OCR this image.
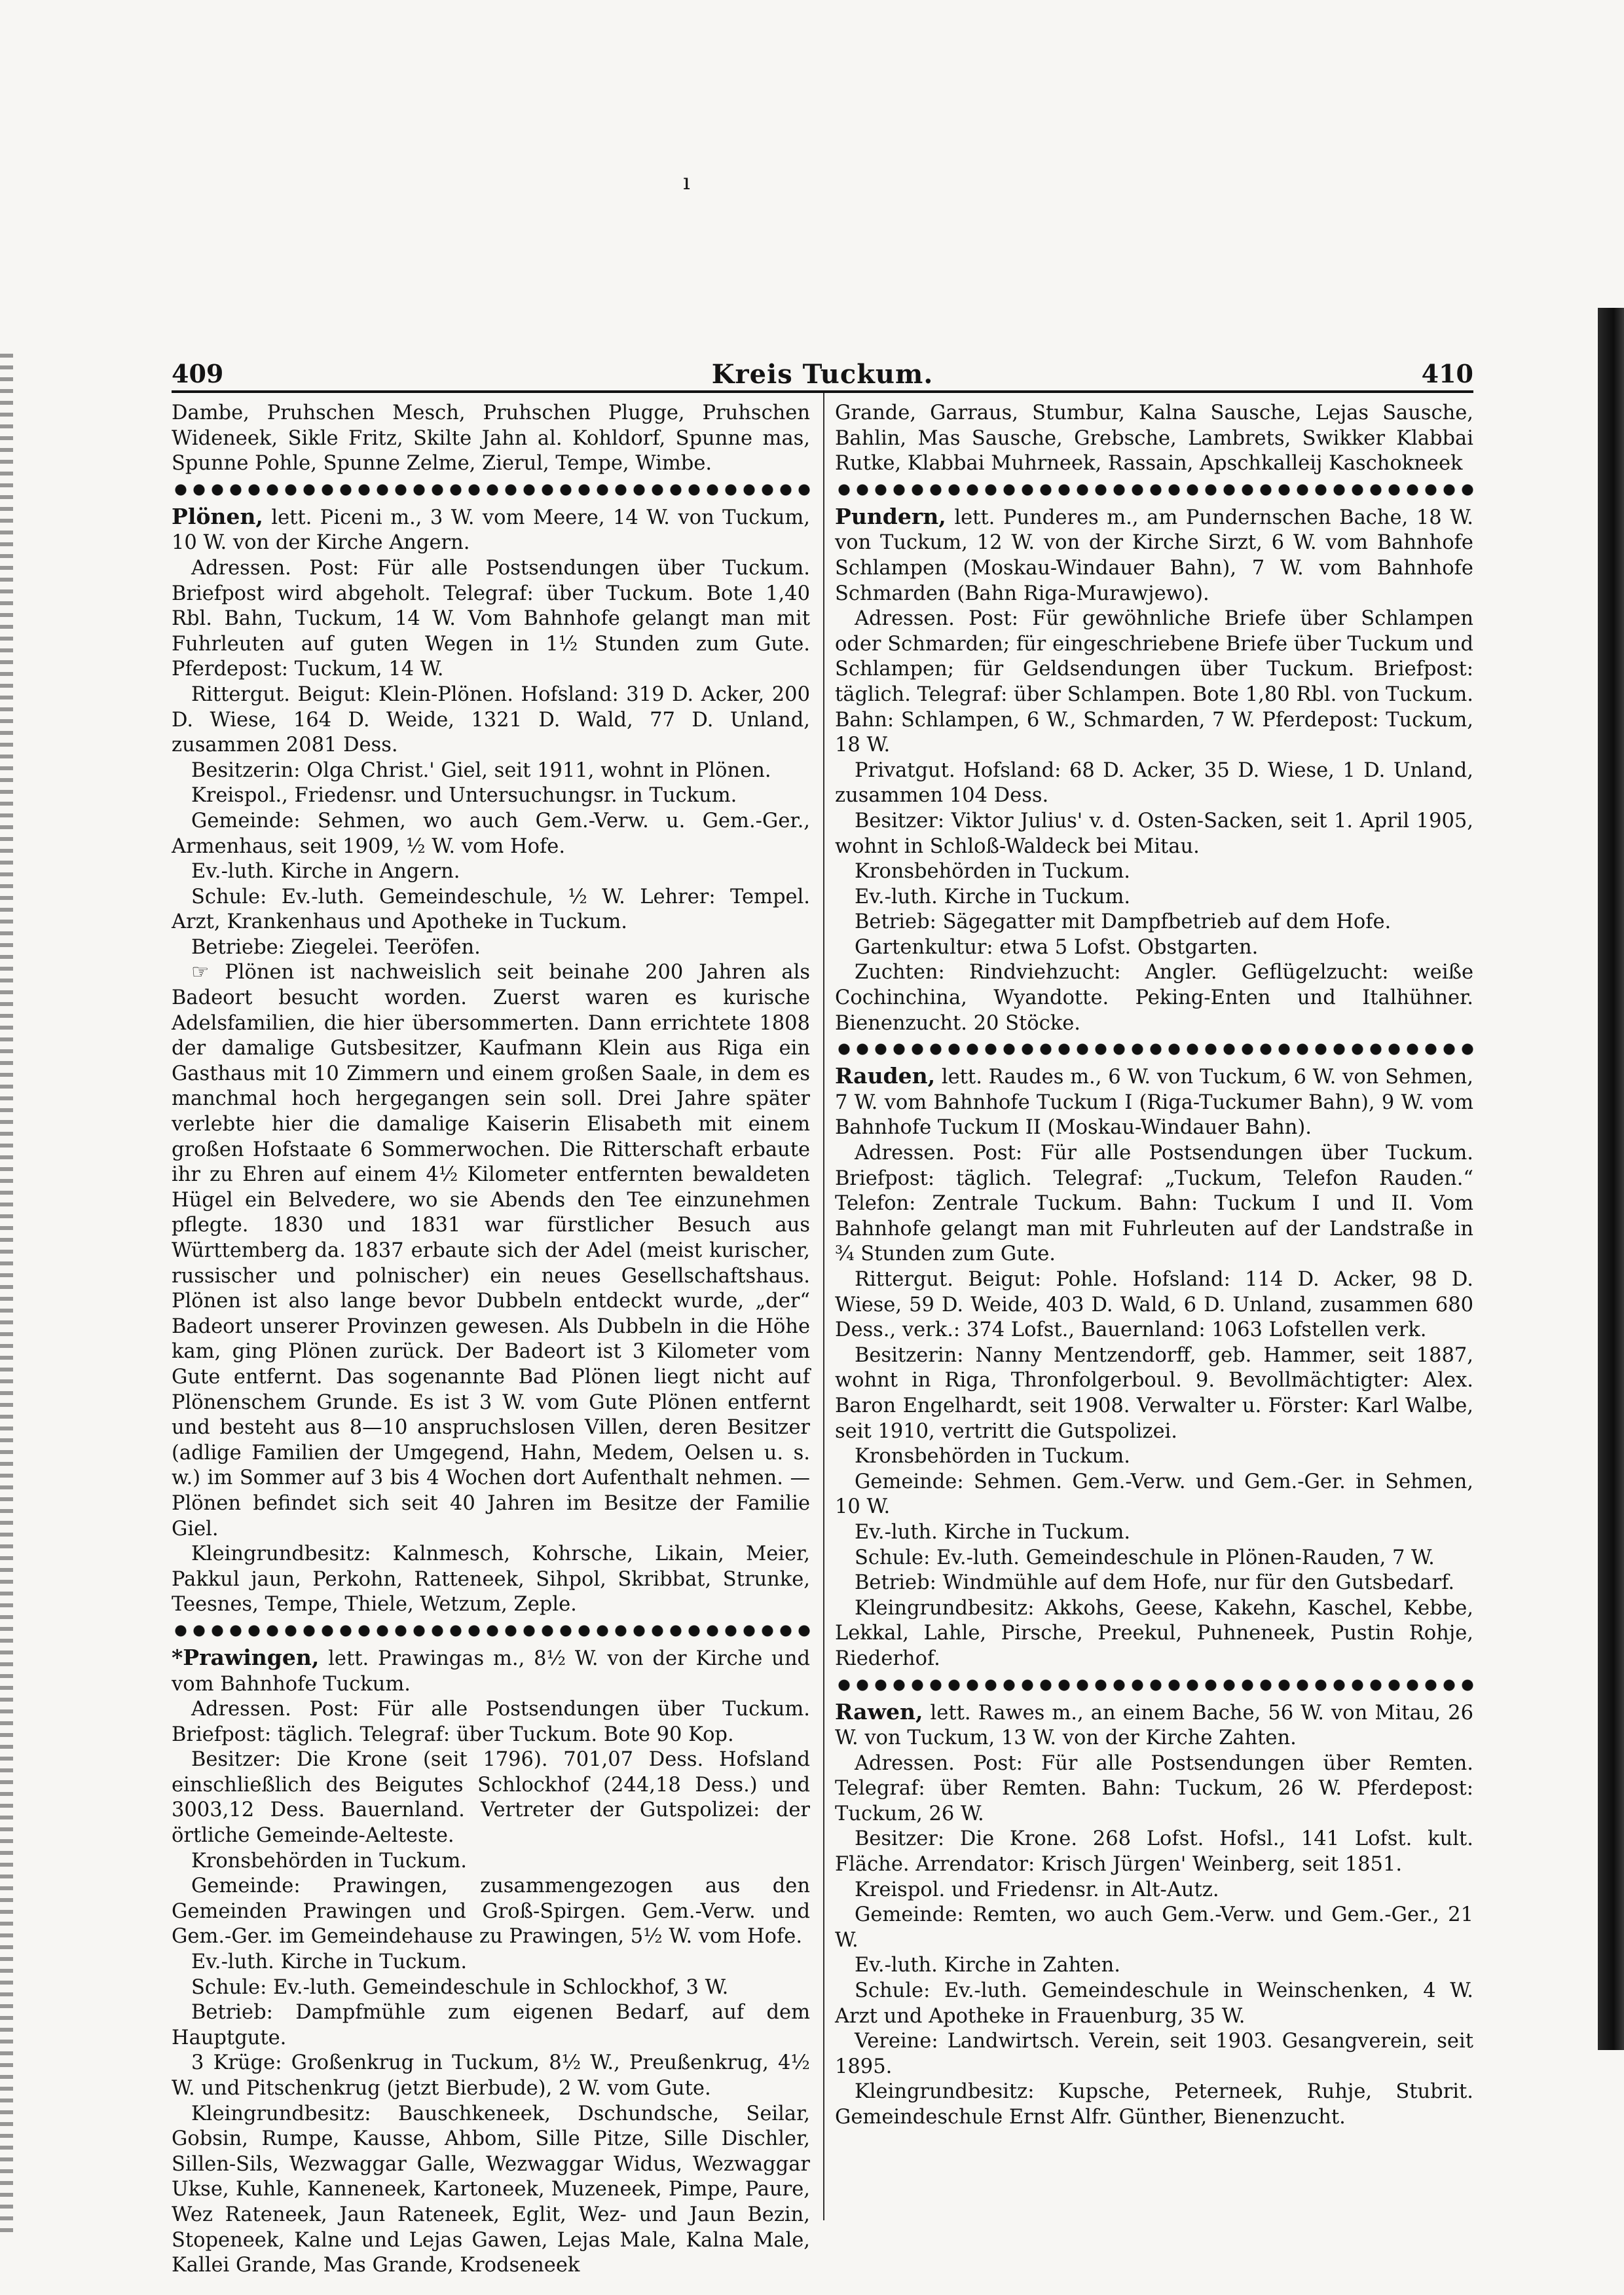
ı
409	Kreis Tuckum.	410

Dambe, Pruhschen Mesch, Pruhschen Plugge, Pruhschen Wideneek, Sikle Fritz, Skilte Jahn al. Kohldorf, Spunne mas, Spunne Pohle, Spunne Zelme, Zierul, Tempe, Wimbe.

Plönen, lett. Piceni m., 3 W. vom Meere, 14 W. von Tuckum, 10 W. von der Kirche Angern.

Adressen. Post: Für alle Postsendungen über Tuckum. Briefpost wird abgeholt. Telegraf: über Tuckum. Bote 1,40 Rbl. Bahn, Tuckum, 14 W. Vom Bahnhofe gelangt man mit Fuhrleuten auf guten Wegen in 1½ Stunden zum Gute. Pferdepost: Tuckum, 14 W.

Rittergut. Beigut: Klein-Plönen. Hofsland: 319 D. Acker, 200 D. Wiese, 164 D. Weide, 1321 D. Wald, 77 D. Unland, zusammen 2081 Dess.

Besitzerin: Olga Christ.' Giel, seit 1911, wohnt in Plönen.

Kreispol., Friedensr. und Untersuchungsr. in Tuckum.

Gemeinde: Sehmen, wo auch Gem.-Verw. u. Gem.-Ger., Armenhaus, seit 1909, ½ W. vom Hofe.

Ev.-luth. Kirche in Angern.

Schule: Ev.-luth. Gemeindeschule, ½ W. Lehrer: Tempel. Arzt, Krankenhaus und Apotheke in Tuckum.

Betriebe: Ziegelei. Teeröfen.

☞ Plönen ist nachweislich seit beinahe 200 Jahren als Badeort besucht worden. Zuerst waren es kurische Adelsfamilien, die hier übersommerten. Dann errichtete 1808 der damalige Gutsbesitzer, Kaufmann Klein aus Riga ein Gasthaus mit 10 Zimmern und einem großen Saale, in dem es manchmal hoch hergegangen sein soll. Drei Jahre später verlebte hier die damalige Kaiserin Elisabeth mit einem großen Hofstaate 6 Sommerwochen. Die Ritterschaft erbaute ihr zu Ehren auf einem 4½ Kilometer entfernten bewaldeten Hügel ein Belvedere, wo sie Abends den Tee einzunehmen pflegte. 1830 und 1831 war fürstlicher Besuch aus Württemberg da. 1837 erbaute sich der Adel (meist kurischer, russischer und polnischer) ein neues Gesellschaftshaus. Plönen ist also lange bevor Dubbeln entdeckt wurde, „der“ Badeort unserer Provinzen gewesen. Als Dubbeln in die Höhe kam, ging Plönen zurück. Der Badeort ist 3 Kilometer vom Gute entfernt. Das sogenannte Bad Plönen liegt nicht auf Plönenschem Grunde. Es ist 3 W. vom Gute Plönen entfernt und besteht aus 8—10 anspruchslosen Villen, deren Besitzer (adlige Familien der Umgegend, Hahn, Medem, Oelsen u. s. w.) im Sommer auf 3 bis 4 Wochen dort Aufenthalt nehmen. — Plönen befindet sich seit 40 Jahren im Besitze der Familie Giel.

Kleingrundbesitz: Kalnmesch, Kohrsche, Likain, Meier, Pakkul jaun, Perkohn, Ratteneek, Sihpol, Skribbat, Strunke, Teesnes, Tempe, Thiele, Wetzum, Zeple.

*Prawingen, lett. Prawingas m., 8½ W. von der Kirche und vom Bahnhofe Tuckum.

Adressen. Post: Für alle Postsendungen über Tuckum. Briefpost: täglich. Telegraf: über Tuckum. Bote 90 Kop.

Besitzer: Die Krone (seit 1796). 701,07 Dess. Hofsland einschließlich des Beigutes Schlockhof (244,18 Dess.) und 3003,12 Dess. Bauernland. Vertreter der Gutspolizei: der örtliche Gemeinde-Aelteste.

Kronsbehörden in Tuckum.

Gemeinde: Prawingen, zusammengezogen aus den Gemeinden Prawingen und Groß-Spirgen. Gem.-Verw. und Gem.-Ger. im Gemeindehause zu Prawingen, 5½ W. vom Hofe.

Ev.-luth. Kirche in Tuckum.

Schule: Ev.-luth. Gemeindeschule in Schlockhof, 3 W.

Betrieb: Dampfmühle zum eigenen Bedarf, auf dem Hauptgute.

3 Krüge: Großenkrug in Tuckum, 8½ W., Preußenkrug, 4½ W. und Pitschenkrug (jetzt Bierbude), 2 W. vom Gute.

Kleingrundbesitz: Bauschkeneek, Dschundsche, Seilar, Gobsin, Rumpe, Kausse, Ahbom, Sille Pitze, Sille Dischler, Sillen-Sils, Wezwaggar Galle, Wezwaggar Widus, Wezwaggar Ukse, Kuhle, Kanneneek, Kartoneek, Muzeneek, Pimpe, Paure, Wez Rateneek, Jaun Rateneek, Eglit, Wez- und Jaun Bezin, Stopeneek, Kalne und Lejas Gawen, Lejas Male, Kalna Male, Kallei Grande, Mas Grande, Krodseneek

Grande, Garraus, Stumbur, Kalna Sausche, Lejas Sausche, Bahlin, Mas Sausche, Grebsche, Lambrets, Swikker Klabbai Rutke, Klabbai Muhrneek, Rassain, Apschkalleij Kaschokneek

Pundern, lett. Punderes m., am Pundernschen Bache, 18 W. von Tuckum, 12 W. von der Kirche Sirzt, 6 W. vom Bahnhofe Schlampen (Moskau-Windauer Bahn), 7 W. vom Bahnhofe Schmarden (Bahn Riga-Murawjewo).

Adressen. Post: Für gewöhnliche Briefe über Schlampen oder Schmarden; für eingeschriebene Briefe über Tuckum und Schlampen; für Geldsendungen über Tuckum. Briefpost: täglich. Telegraf: über Schlampen. Bote 1,80 Rbl. von Tuckum. Bahn: Schlampen, 6 W., Schmarden, 7 W. Pferdepost: Tuckum, 18 W.

Privatgut. Hofsland: 68 D. Acker, 35 D. Wiese, 1 D. Unland, zusammen 104 Dess.

Besitzer: Viktor Julius' v. d. Osten-Sacken, seit 1. April 1905, wohnt in Schloß-Waldeck bei Mitau.

Kronsbehörden in Tuckum.

Ev.-luth. Kirche in Tuckum.

Betrieb: Sägegatter mit Dampfbetrieb auf dem Hofe.

Gartenkultur: etwa 5 Lofst. Obstgarten.

Zuchten: Rindviehzucht: Angler. Geflügelzucht: weiße Cochinchina, Wyandotte. Peking-Enten und Italhühner. Bienenzucht. 20 Stöcke.

Rauden, lett. Raudes m., 6 W. von Tuckum, 6 W. von Sehmen, 7 W. vom Bahnhofe Tuckum I (Riga-Tuckumer Bahn), 9 W. vom Bahnhofe Tuckum II (Moskau-Windauer Bahn).

Adressen. Post: Für alle Postsendungen über Tuckum. Briefpost: täglich. Telegraf: „Tuckum, Telefon Rauden.“ Telefon: Zentrale Tuckum. Bahn: Tuckum I und II. Vom Bahnhofe gelangt man mit Fuhrleuten auf der Landstraße in ¾ Stunden zum Gute.

Rittergut. Beigut: Pohle. Hofsland: 114 D. Acker, 98 D. Wiese, 59 D. Weide, 403 D. Wald, 6 D. Unland, zusammen 680 Dess., verk.: 374 Lofst., Bauernland: 1063 Lofstellen verk.

Besitzerin: Nanny Mentzendorff, geb. Hammer, seit 1887, wohnt in Riga, Thronfolgerboul. 9. Bevollmächtigter: Alex. Baron Engelhardt, seit 1908. Verwalter u. Förster: Karl Walbe, seit 1910, vertritt die Gutspolizei.

Kronsbehörden in Tuckum.

Gemeinde: Sehmen. Gem.-Verw. und Gem.-Ger. in Sehmen, 10 W.

Ev.-luth. Kirche in Tuckum.

Schule: Ev.-luth. Gemeindeschule in Plönen-Rauden, 7 W.

Betrieb: Windmühle auf dem Hofe, nur für den Gutsbedarf.

Kleingrundbesitz: Akkohs, Geese, Kakehn, Kaschel, Kebbe, Lekkal, Lahle, Pirsche, Preekul, Puhneneek, Pustin Rohje, Riederhof.

Rawen, lett. Rawes m., an einem Bache, 56 W. von Mitau, 26 W. von Tuckum, 13 W. von der Kirche Zahten.

Adressen. Post: Für alle Postsendungen über Remten. Telegraf: über Remten. Bahn: Tuckum, 26 W. Pferdepost: Tuckum, 26 W.

Besitzer: Die Krone. 268 Lofst. Hofsl., 141 Lofst. kult. Fläche. Arrendator: Krisch Jürgen' Weinberg, seit 1851.

Kreispol. und Friedensr. in Alt-Autz.

Gemeinde: Remten, wo auch Gem.-Verw. und Gem.-Ger., 21 W.

Ev.-luth. Kirche in Zahten.

Schule: Ev.-luth. Gemeindeschule in Weinschenken, 4 W. Arzt und Apotheke in Frauenburg, 35 W.

Vereine: Landwirtsch. Verein, seit 1903. Gesangverein, seit 1895.

Kleingrundbesitz: Kupsche, Peterneek, Ruhje, Stubrit. Gemeindeschule Ernst Alfr. Günther, Bienenzucht.
